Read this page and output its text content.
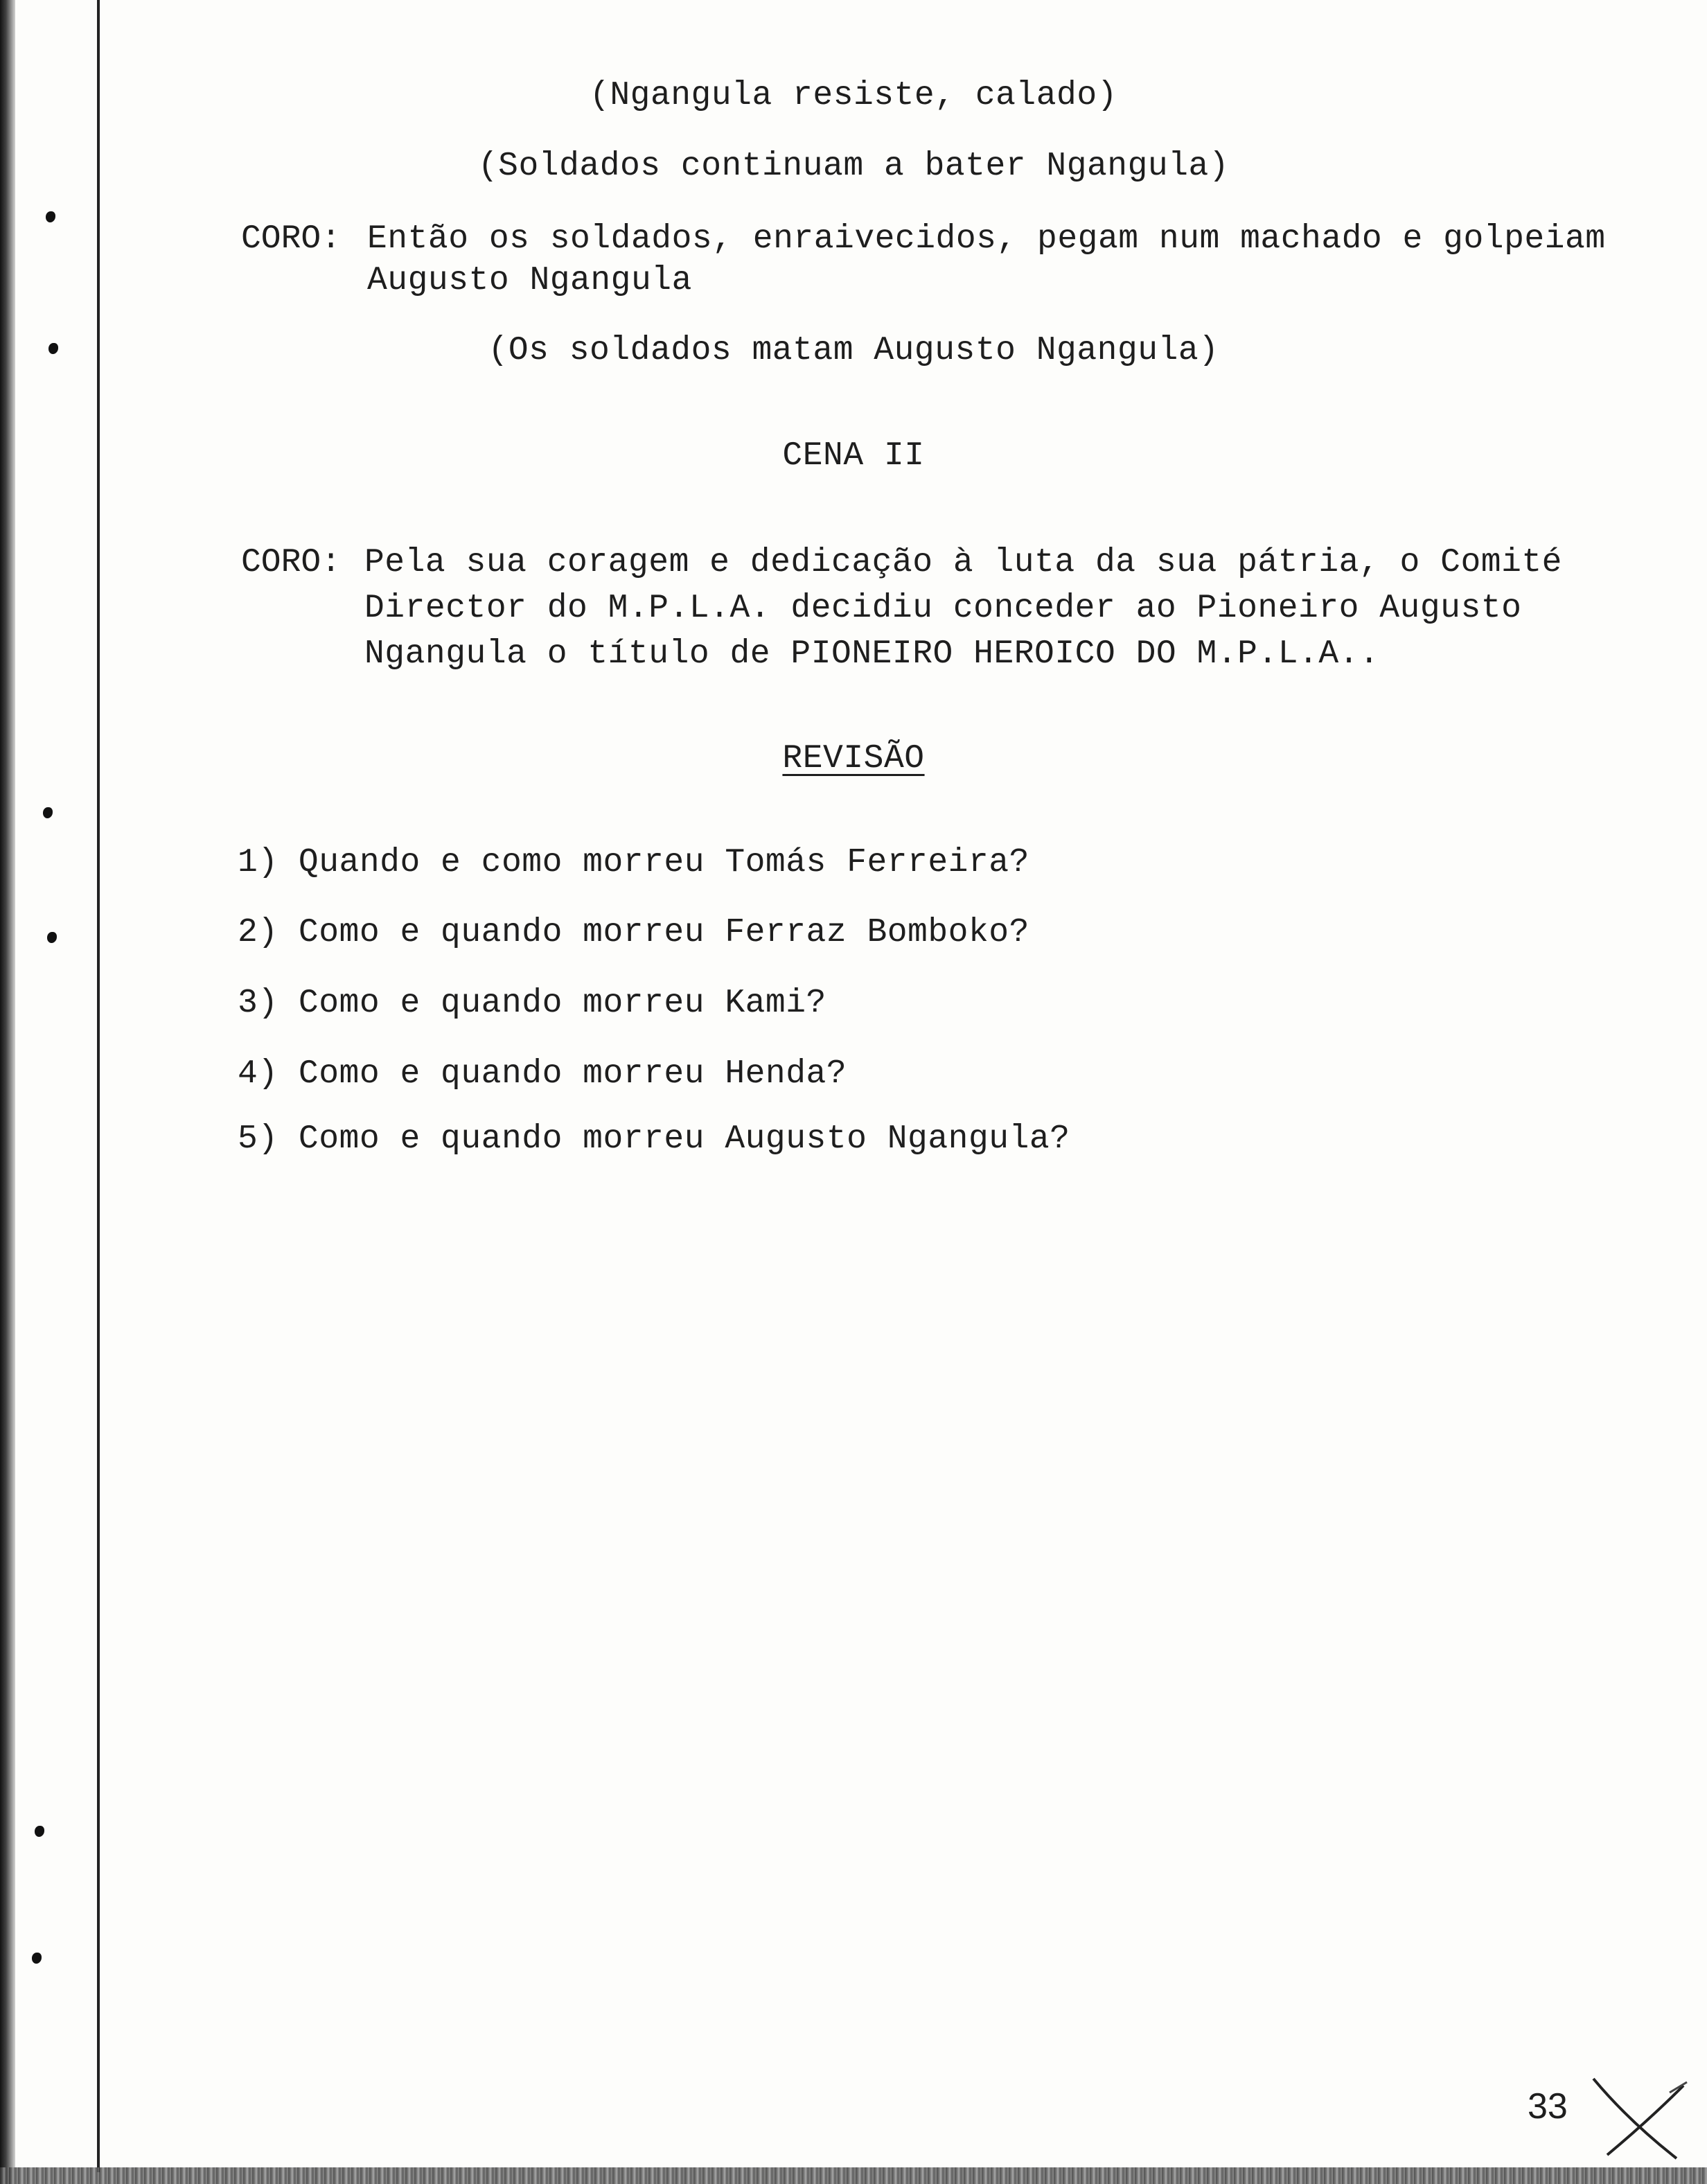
(Ngangula resiste, calado)
(Soldados continuam a bater Ngangula)
CORO: Então os soldados, enraivecidos, pegam num machado e golpeiam
Augusto Ngangula
(Os soldados matam Augusto Ngangula)
CENA II
CORO: Pela sua coragem e dedicação à luta da sua pátria, o Comité
Director do M.P.L.A. decidiu conceder ao Pioneiro Augusto
Ngangula o título de PIONEIRO HEROICO DO M.P.L.A..
REVISÃO
1) Quando e como morreu Tomás Ferreira?
2) Como e quando morreu Ferraz Bomboko?
3) Como e quando morreu Kami?
4) Como e quando morreu Henda?
5) Como e quando morreu Augusto Ngangula?
33
